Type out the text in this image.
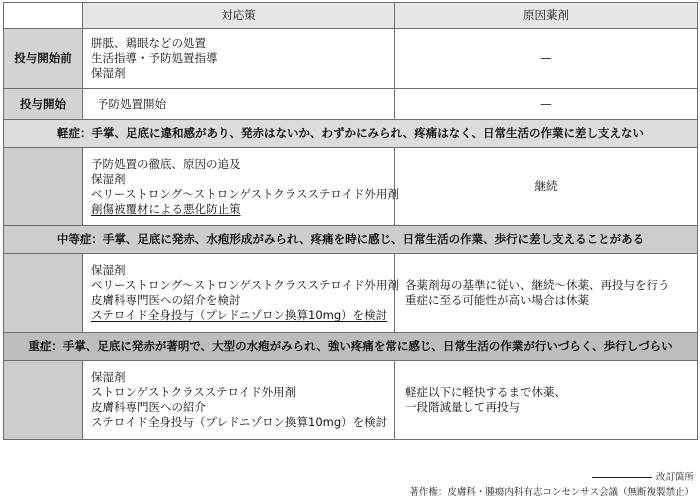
	対応策	原因薬剤
投与開始前	胼胝、鶏眼などの処置
生活指導・予防処置指導
保湿剤	—
投与開始	予防処置開始	—
軽症：手掌、足底に違和感があり、発赤はないか、わずかにみられ、疼痛はなく、日常生活の作業に差し支えない		

	予防処置の徹底、原因の追及
保湿剤
ベリーストロング～ストロンゲストクラスステロイド外用剤
創傷被覆材による悪化防止策	継続

中等症：手掌、足底に発赤、水疱形成がみられ、疼痛を時に感じ、日常生活の作業、歩行に差し支えることがある		

	保湿剤
ベリーストロング～ストロンゲストクラスステロイド外用剤
皮膚科専門医への紹介を検討
ステロイド全身投与（プレドニゾロン換算10mg）を検討	各薬剤毎の基準に従い、継続～休薬、再投与を行う
重症に至る可能性が高い場合は休薬

重症：手掌、足底に発赤が著明で、大型の水疱がみられ、強い疼痛を常に感じ、日常生活の作業が行いづらく、歩行しづらい		

	保湿剤
ストロンゲストクラスステロイド外用剤
皮膚科専門医への紹介
ステロイド全身投与（プレドニゾロン換算10mg）を検討	軽症以下に軽快するまで休薬、
一段階減量して再投与
改訂箇所
著作権：皮膚科・腫瘍内科有志コンセンサス会議（無断複製禁止）
